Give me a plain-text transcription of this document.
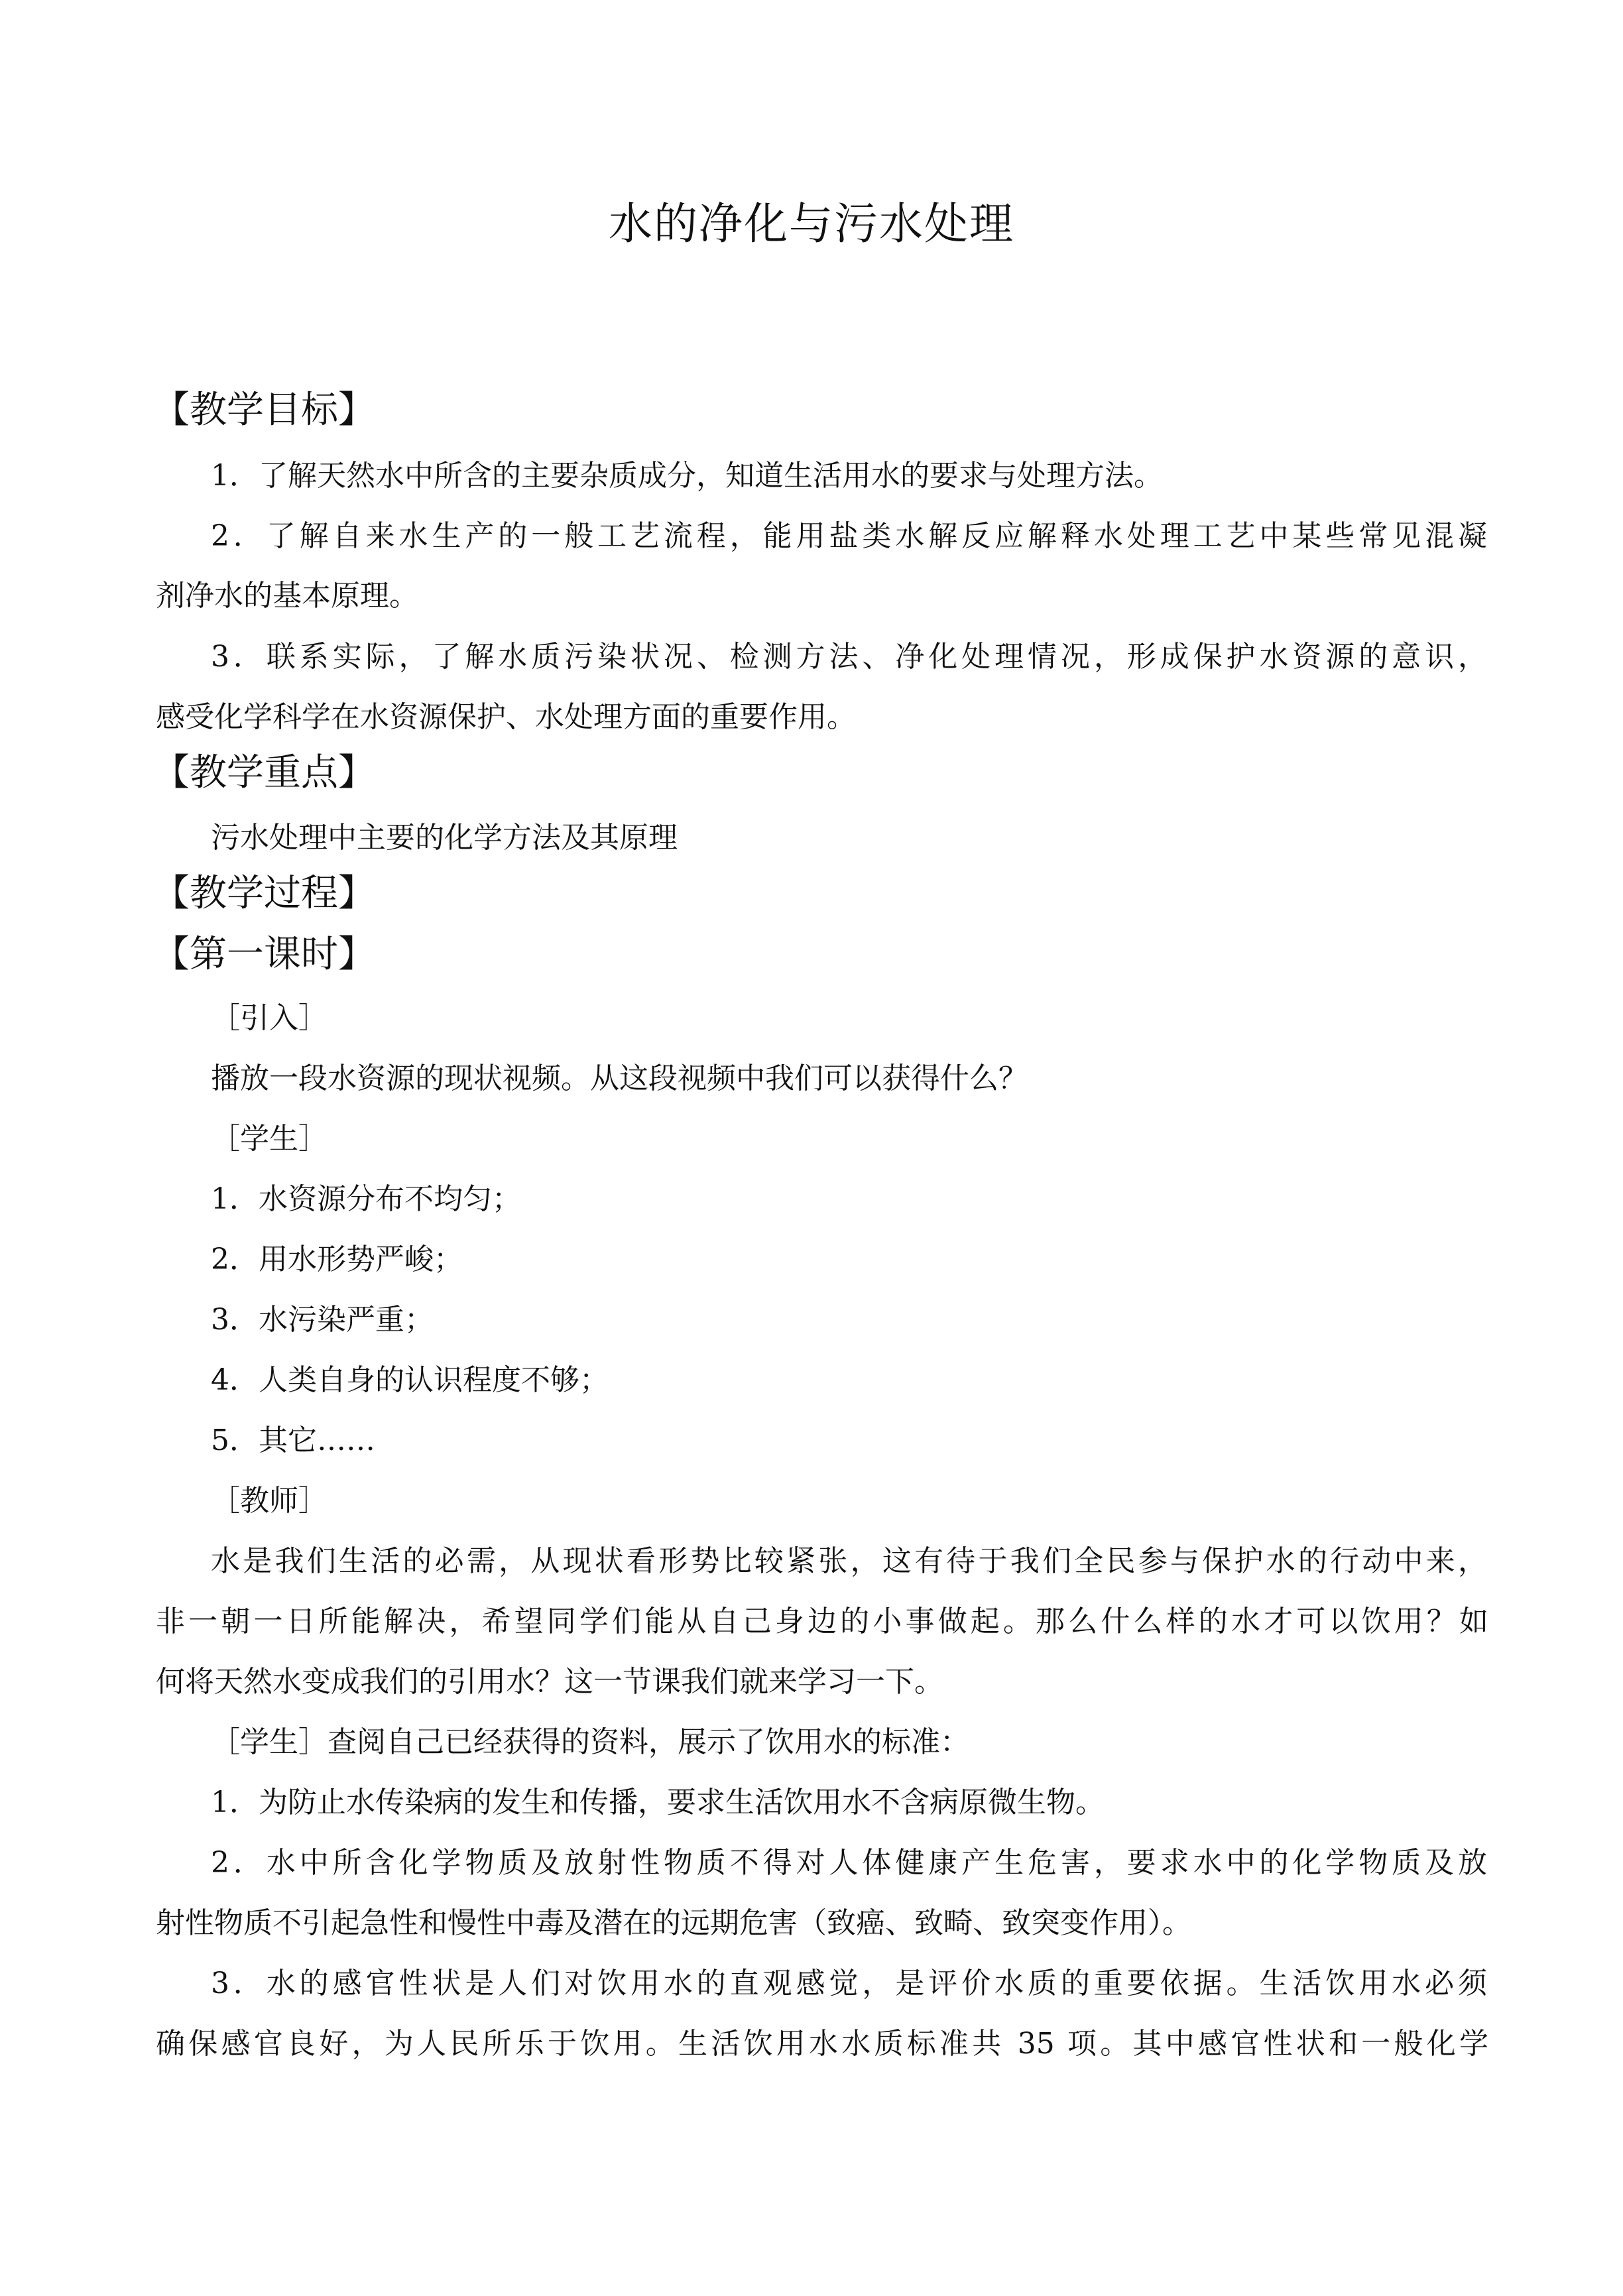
水的净化与污水处理
【教学目标】
1．了解天然水中所含的主要杂质成分，知道生活用水的要求与处理方法。
2．了解自来水生产的一般工艺流程，能用盐类水解反应解释水处理工艺中某些常见混凝
剂净水的基本原理。
3．联系实际，了解水质污染状况、检测方法、净化处理情况，形成保护水资源的意识，
感受化学科学在水资源保护、水处理方面的重要作用。
【教学重点】
污水处理中主要的化学方法及其原理
【教学过程】
【第一课时】
［引入］
播放一段水资源的现状视频。从这段视频中我们可以获得什么？
［学生］
1．水资源分布不均匀；
2．用水形势严峻；
3．水污染严重；
4．人类自身的认识程度不够；
5．其它……
［教师］
水是我们生活的必需，从现状看形势比较紧张，这有待于我们全民参与保护水的行动中来，
非一朝一日所能解决，希望同学们能从自己身边的小事做起。那么什么样的水才可以饮用？如
何将天然水变成我们的引用水？这一节课我们就来学习一下。
［学生］查阅自己已经获得的资料，展示了饮用水的标准：
1．为防止水传染病的发生和传播，要求生活饮用水不含病原微生物。
2．水中所含化学物质及放射性物质不得对人体健康产生危害，要求水中的化学物质及放
射性物质不引起急性和慢性中毒及潜在的远期危害（致癌、致畸、致突变作用）。
3．水的感官性状是人们对饮用水的直观感觉，是评价水质的重要依据。生活饮用水必须
确保感官良好，为人民所乐于饮用。生活饮用水水质标准共 35 项。其中感官性状和一般化学
